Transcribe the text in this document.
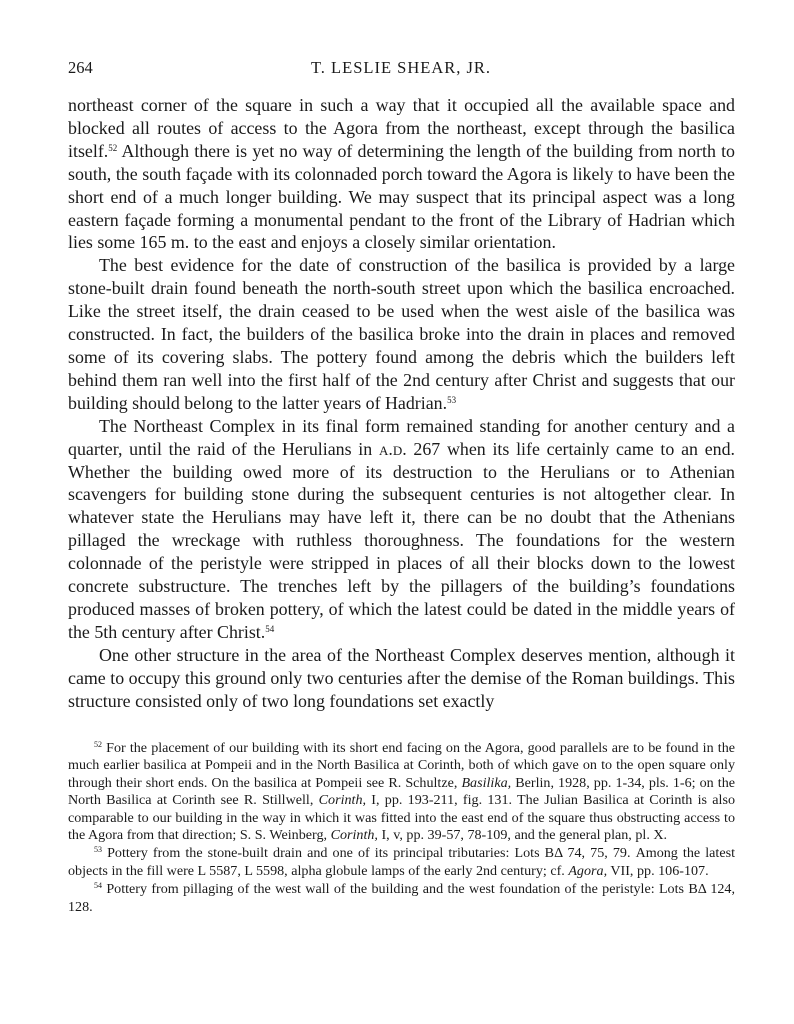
264	T. LESLIE SHEAR, JR.

northeast corner of the square in such a way that it occupied all the available space and blocked all routes of access to the Agora from the northeast, except through the basilica itself.$^{52}$ Although there is yet no way of determining the length of the building from north to south, the south façade with its colonnaded porch toward the Agora is likely to have been the short end of a much longer building. We may suspect that its principal aspect was a long eastern façade forming a monumental pendant to the front of the Library of Hadrian which lies some 165 m. to the east and enjoys a closely similar orientation.

The best evidence for the date of construction of the basilica is provided by a large stone-built drain found beneath the north-south street upon which the basilica encroached. Like the street itself, the drain ceased to be used when the west aisle of the basilica was constructed. In fact, the builders of the basilica broke into the drain in places and removed some of its covering slabs. The pottery found among the debris which the builders left behind them ran well into the first half of the 2nd century after Christ and suggests that our building should belong to the latter years of Hadrian.$^{53}$

The Northeast Complex in its final form remained standing for another century and a quarter, until the raid of the Herulians in a.d. 267 when its life certainly came to an end. Whether the building owed more of its destruction to the Herulians or to Athenian scavengers for building stone during the subsequent centuries is not altogether clear. In whatever state the Herulians may have left it, there can be no doubt that the Athenians pillaged the wreckage with ruthless thoroughness. The foundations for the western colonnade of the peristyle were stripped in places of all their blocks down to the lowest concrete substructure. The trenches left by the pillagers of the building’s foundations produced masses of broken pottery, of which the latest could be dated in the middle years of the 5th century after Christ.$^{54}$

One other structure in the area of the Northeast Complex deserves mention, although it came to occupy this ground only two centuries after the demise of the Roman buildings. This structure consisted only of two long foundations set exactly

$^{52}$ For the placement of our building with its short end facing on the Agora, good parallels are to be found in the much earlier basilica at Pompeii and in the North Basilica at Corinth, both of which gave on to the open square only through their short ends. On the basilica at Pompeii see R. Schultze, Basilika, Berlin, 1928, pp. 1-34, pls. 1-6; on the North Basilica at Corinth see R. Stillwell, Corinth, I, pp. 193-211, fig. 131. The Julian Basilica at Corinth is also comparable to our building in the way in which it was fitted into the east end of the square thus obstructing access to the Agora from that direction; S. S. Weinberg, Corinth, I, v, pp. 39-57, 78-109, and the general plan, pl. X.

$^{53}$ Pottery from the stone-built drain and one of its principal tributaries: Lots ΒΔ 74, 75, 79. Among the latest objects in the fill were L 5587, L 5598, alpha globule lamps of the early 2nd century; cf. Agora, VII, pp. 106-107.

$^{54}$ Pottery from pillaging of the west wall of the building and the west foundation of the peristyle: Lots ΒΔ 124, 128.
